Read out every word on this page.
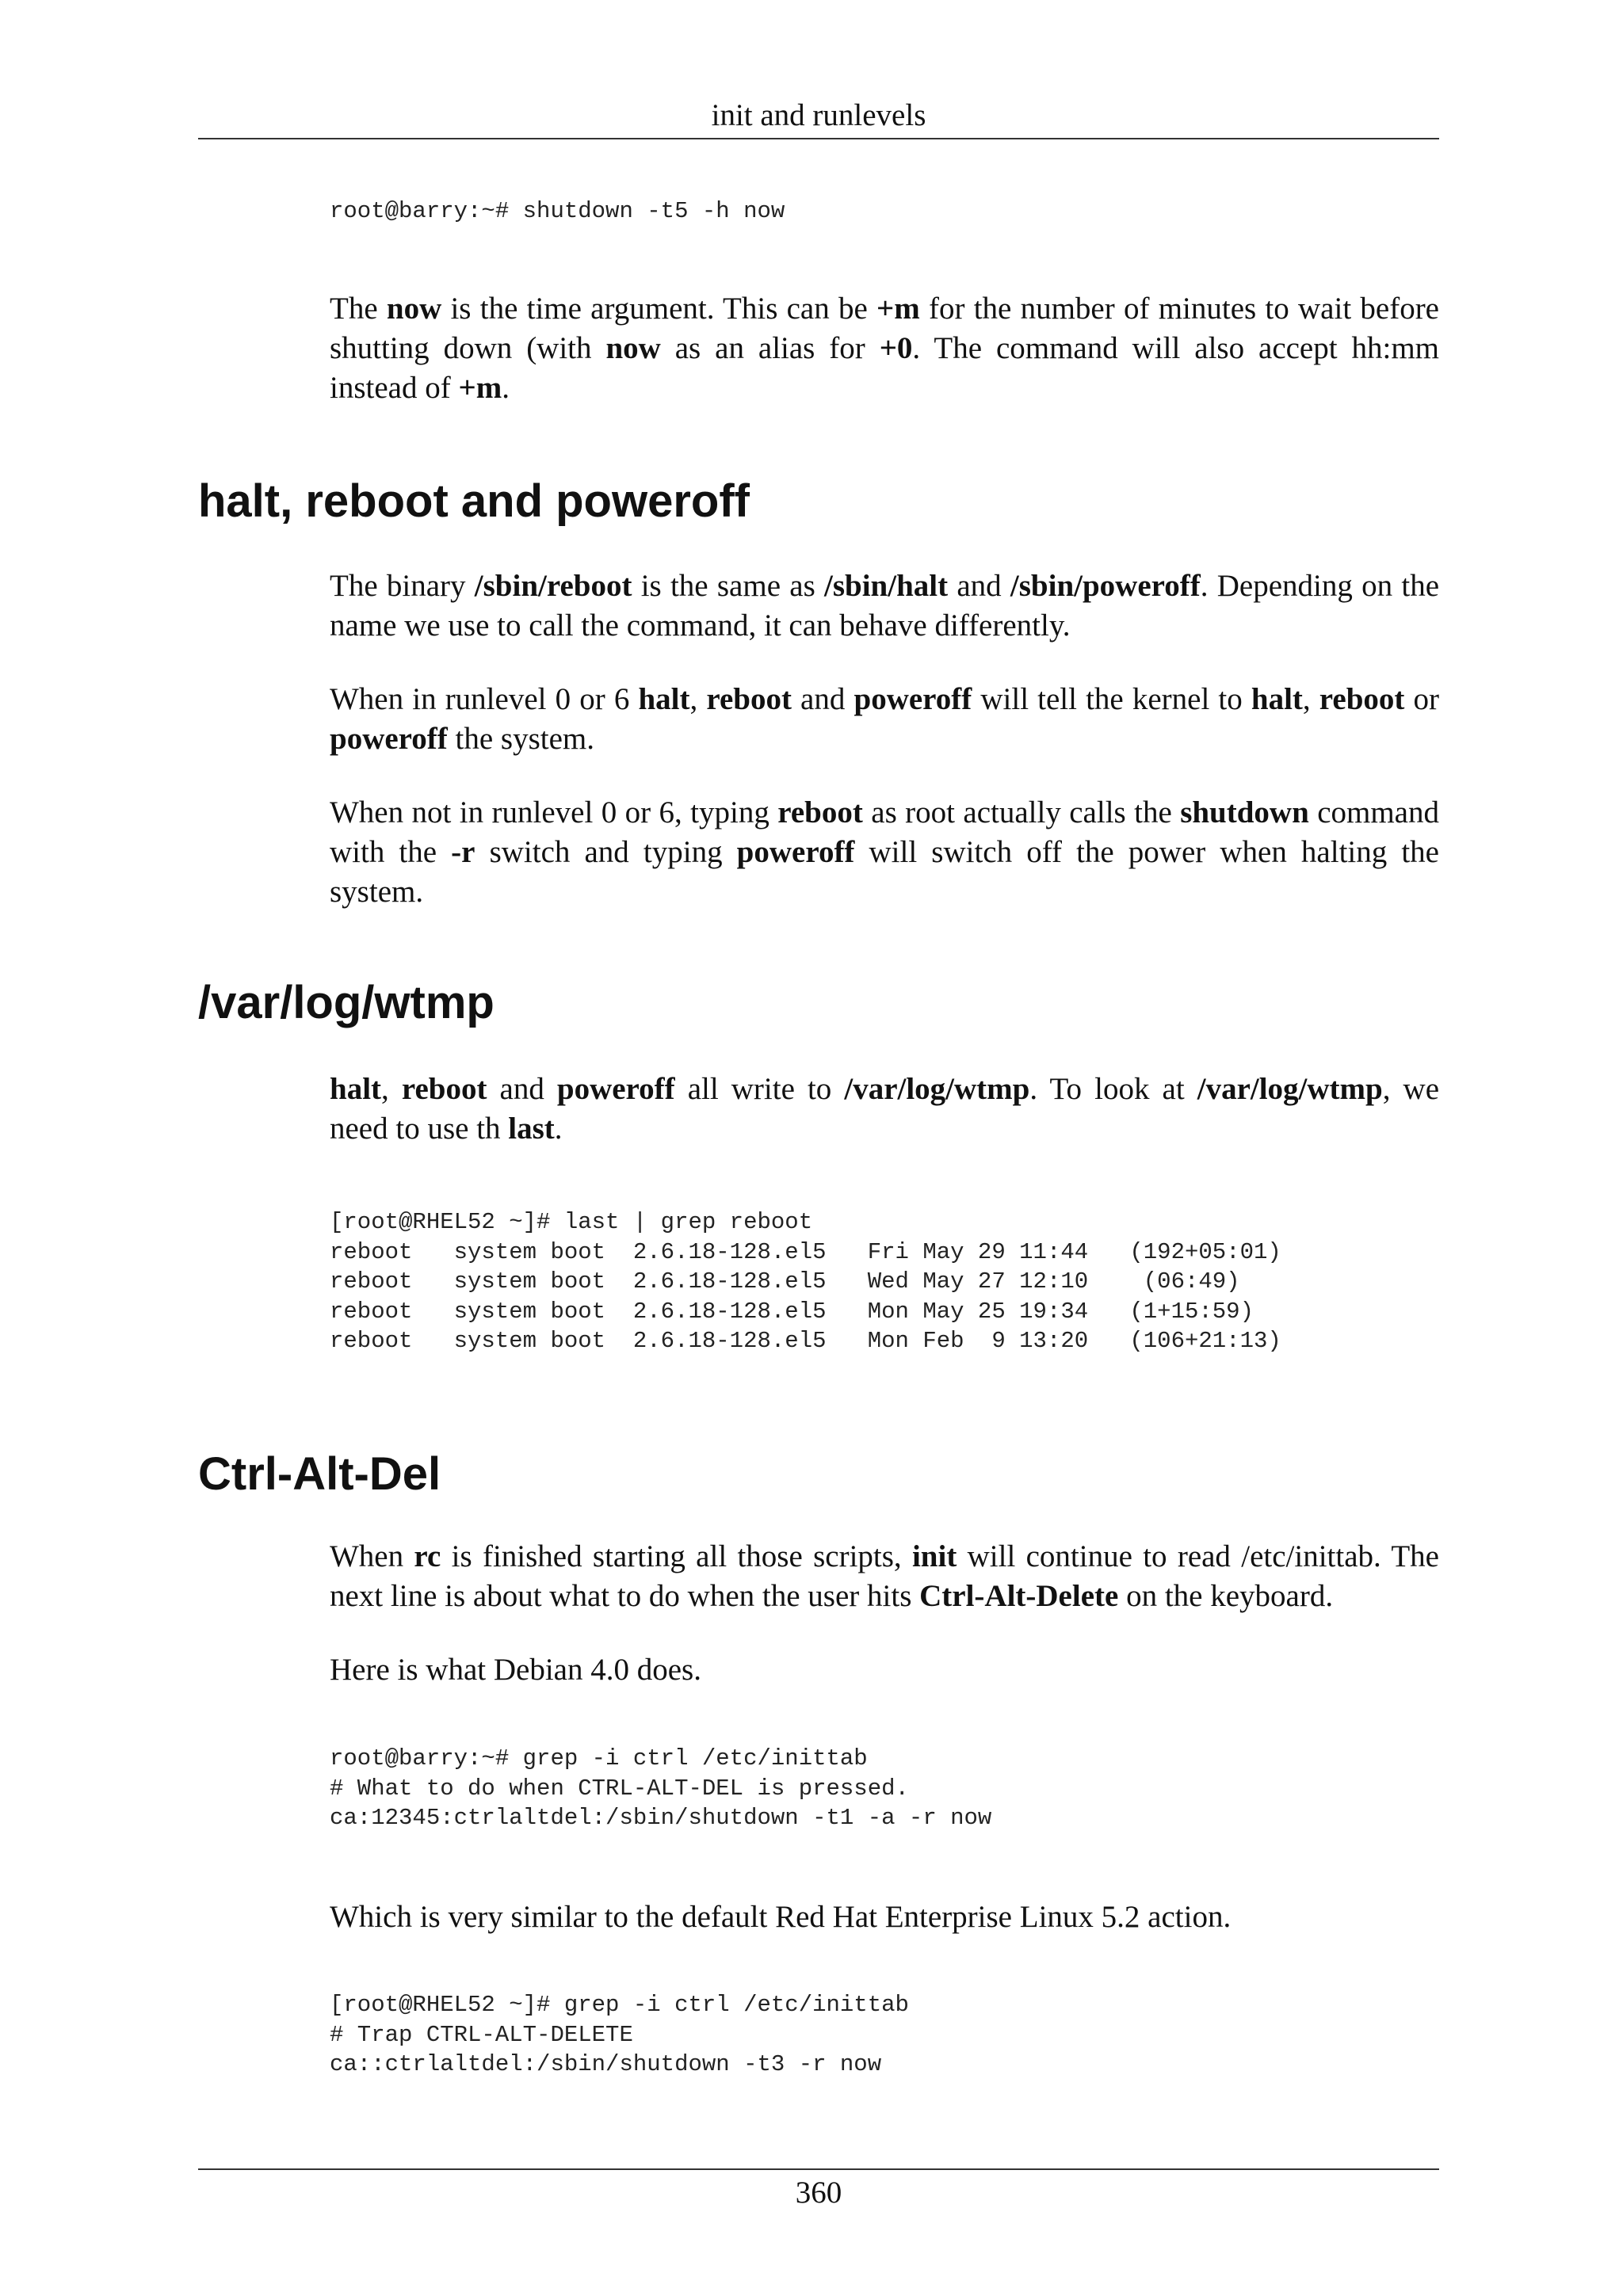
init and runlevels
root@barry:~# shutdown -t5 -h now

The now is the time argument. This can be +m for the number of minutes to wait before shutting down (with now as an alias for +0. The command will also accept hh:mm instead of +m.

halt, reboot and poweroff

The binary /sbin/reboot is the same as /sbin/halt and /sbin/poweroff. Depending on the name we use to call the command, it can behave differently.

When in runlevel 0 or 6 halt, reboot and poweroff will tell the kernel to halt, reboot or poweroff the system.

When not in runlevel 0 or 6, typing reboot as root actually calls the shutdown command with the -r switch and typing poweroff will switch off the power when halting the system.

/var/log/wtmp

halt, reboot and poweroff all write to /var/log/wtmp. To look at /var/log/wtmp, we need to use th last.

[root@RHEL52 ~]# last | grep reboot
reboot   system boot  2.6.18-128.el5   Fri May 29 11:44   (192+05:01)
reboot   system boot  2.6.18-128.el5   Wed May 27 12:10    (06:49)
reboot   system boot  2.6.18-128.el5   Mon May 25 19:34   (1+15:59)
reboot   system boot  2.6.18-128.el5   Mon Feb  9 13:20   (106+21:13)
Ctrl-Alt-Del

When rc is finished starting all those scripts, init will continue to read /etc/inittab. The next line is about what to do when the user hits Ctrl-Alt-Delete on the keyboard.

Here is what Debian 4.0 does.

root@barry:~# grep -i ctrl /etc/inittab
# What to do when CTRL-ALT-DEL is pressed.
ca:12345:ctrlaltdel:/sbin/shutdown -t1 -a -r now

Which is very similar to the default Red Hat Enterprise Linux 5.2 action.

[root@RHEL52 ~]# grep -i ctrl /etc/inittab
# Trap CTRL-ALT-DELETE
ca::ctrlaltdel:/sbin/shutdown -t3 -r now
360
